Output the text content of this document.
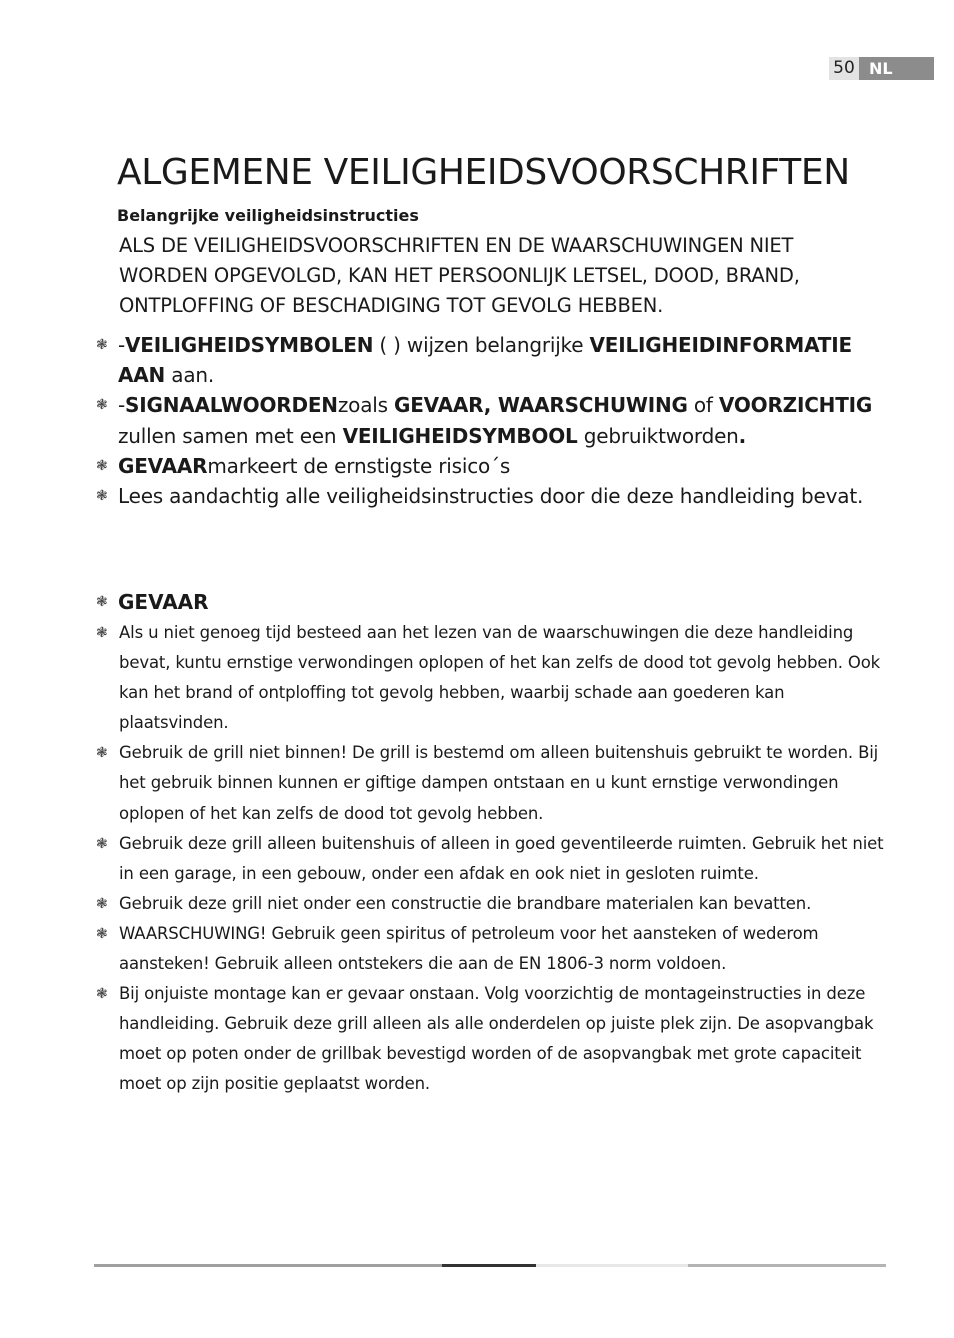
50 NL
ALGEMENE VEILIGHEIDSVOORSCHRIFTEN
Belangrijke veiligheidsinstructies
ALS DE VEILIGHEIDSVOORSCHRIFTEN EN DE WAARSCHUWINGEN NIET WORDEN OPGEVOLGD, KAN HET PERSOONLIJK LETSEL, DOOD, BRAND, ONTPLOFFING OF BESCHADIGING TOT GEVOLG HEBBEN.
❃ -VEILIGHEIDSYMBOLEN ( ) wijzen belangrijke VEILIGHEIDINFORMATIE AAN aan.
❃ -SIGNAALWOORDENzoals GEVAAR, WAARSCHUWING of VOORZICHTIG zullen samen met een VEILIGHEIDSYMBOOL gebruiktworden.
❃ GEVAARmarkeert de ernstigste risico´s
❃ Lees aandachtig alle veiligheidsinstructies door die deze handleiding bevat.
❃ GEVAAR
❃ Als u niet genoeg tijd besteed aan het lezen van de waarschuwingen die deze handleiding bevat, kuntu ernstige verwondingen oplopen of het kan zelfs de dood tot gevolg hebben. Ook kan het brand of ontploffing tot gevolg hebben, waarbij schade aan goederen kan plaatsvinden.
❃ Gebruik de grill niet binnen! De grill is bestemd om alleen buitenshuis gebruikt te worden. Bij het gebruik binnen kunnen er giftige dampen ontstaan en u kunt ernstige verwondingen oplopen of het kan zelfs de dood tot gevolg hebben.
❃ Gebruik deze grill alleen buitenshuis of alleen in goed geventileerde ruimten. Gebruik het niet in een garage, in een gebouw, onder een afdak en ook niet in gesloten ruimte.
❃ Gebruik deze grill niet onder een constructie die brandbare materialen kan bevatten.
❃ WAARSCHUWING! Gebruik geen spiritus of petroleum voor het aansteken of wederom aansteken! Gebruik alleen ontstekers die aan de EN 1806-3 norm voldoen.
❃ Bij onjuiste montage kan er gevaar onstaan. Volg voorzichtig de montageinstructies in deze handleiding. Gebruik deze grill alleen als alle onderdelen op juiste plek zijn. De asopvangbak moet op poten onder de grillbak bevestigd worden of de asopvangbak met grote capaciteit moet op zijn positie geplaatst worden.
